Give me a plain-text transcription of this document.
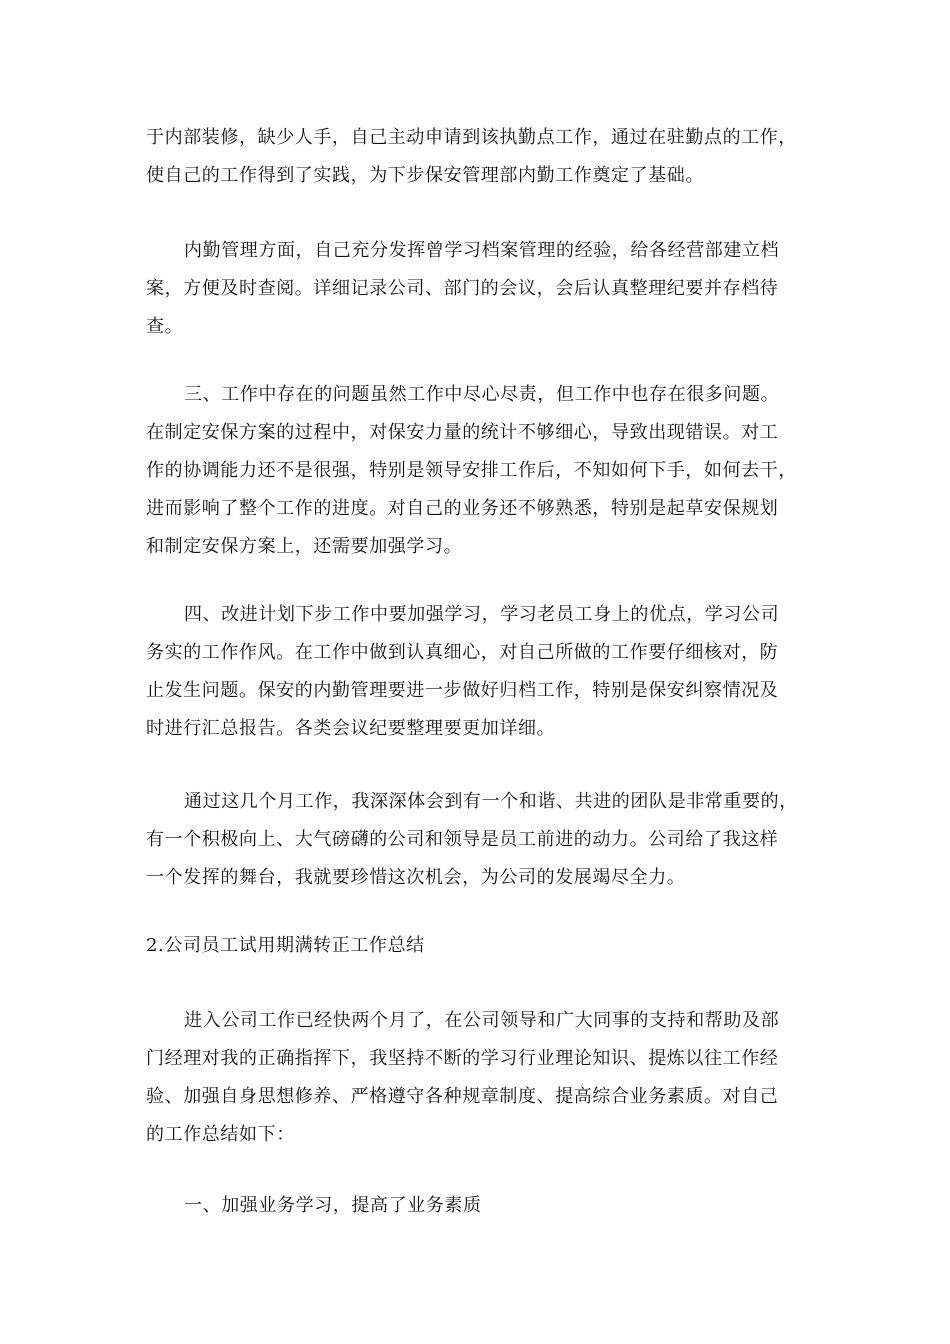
于内部装修，缺少人手，自己主动申请到该执勤点工作，通过在驻勤点的工作，
使自己的工作得到了实践，为下步保安管理部内勤工作奠定了基础。
内勤管理方面，自己充分发挥曾学习档案管理的经验，给各经营部建立档
案，方便及时查阅。详细记录公司、部门的会议，会后认真整理纪要并存档待
查。
三、工作中存在的问题虽然工作中尽心尽责，但工作中也存在很多问题。
在制定安保方案的过程中，对保安力量的统计不够细心，导致出现错误。对工
作的协调能力还不是很强，特别是领导安排工作后，不知如何下手，如何去干，
进而影响了整个工作的进度。对自己的业务还不够熟悉，特别是起草安保规划
和制定安保方案上，还需要加强学习。
四、改进计划下步工作中要加强学习，学习老员工身上的优点，学习公司
务实的工作作风。在工作中做到认真细心，对自己所做的工作要仔细核对，防
止发生问题。保安的内勤管理要进一步做好归档工作，特别是保安纠察情况及
时进行汇总报告。各类会议纪要整理要更加详细。
通过这几个月工作，我深深体会到有一个和谐、共进的团队是非常重要的，
有一个积极向上、大气磅礴的公司和领导是员工前进的动力。公司给了我这样
一个发挥的舞台，我就要珍惜这次机会，为公司的发展竭尽全力。
2.公司员工试用期满转正工作总结
进入公司工作已经快两个月了，在公司领导和广大同事的支持和帮助及部
门经理对我的正确指挥下，我坚持不断的学习行业理论知识、提炼以往工作经
验、加强自身思想修养、严格遵守各种规章制度、提高综合业务素质。对自己
的工作总结如下：
一、加强业务学习，提高了业务素质
